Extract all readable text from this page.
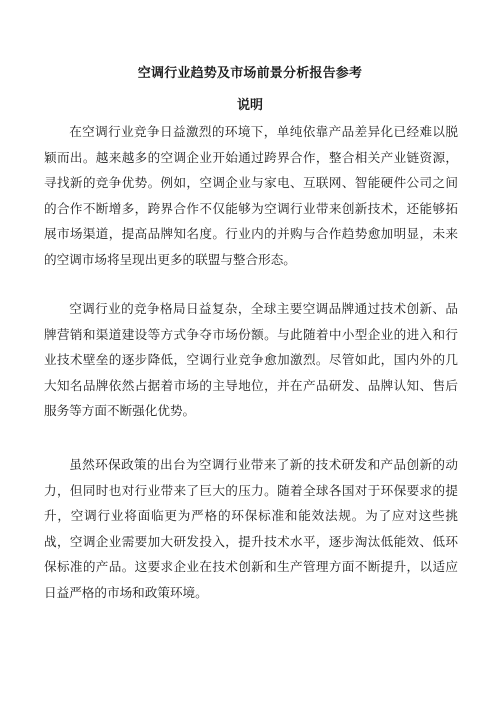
空调行业趋势及市场前景分析报告参考
说明

在空调行业竞争日益激烈的环境下，单纯依靠产品差异化已经难以脱颖而出。越来越多的空调企业开始通过跨界合作，整合相关产业链资源，寻找新的竞争优势。例如，空调企业与家电、互联网、智能硬件公司之间的合作不断增多，跨界合作不仅能够为空调行业带来创新技术，还能够拓展市场渠道，提高品牌知名度。行业内的并购与合作趋势愈加明显，未来的空调市场将呈现出更多的联盟与整合形态。

空调行业的竞争格局日益复杂，全球主要空调品牌通过技术创新、品牌营销和渠道建设等方式争夺市场份额。与此随着中小型企业的进入和行业技术壁垒的逐步降低，空调行业竞争愈加激烈。尽管如此，国内外的几大知名品牌依然占据着市场的主导地位，并在产品研发、品牌认知、售后服务等方面不断强化优势。

虽然环保政策的出台为空调行业带来了新的技术研发和产品创新的动力，但同时也对行业带来了巨大的压力。随着全球各国对于环保要求的提升，空调行业将面临更为严格的环保标准和能效法规。为了应对这些挑战，空调企业需要加大研发投入，提升技术水平，逐步淘汰低能效、低环保标准的产品。这要求企业在技术创新和生产管理方面不断提升，以适应日益严格的市场和政策环境。
